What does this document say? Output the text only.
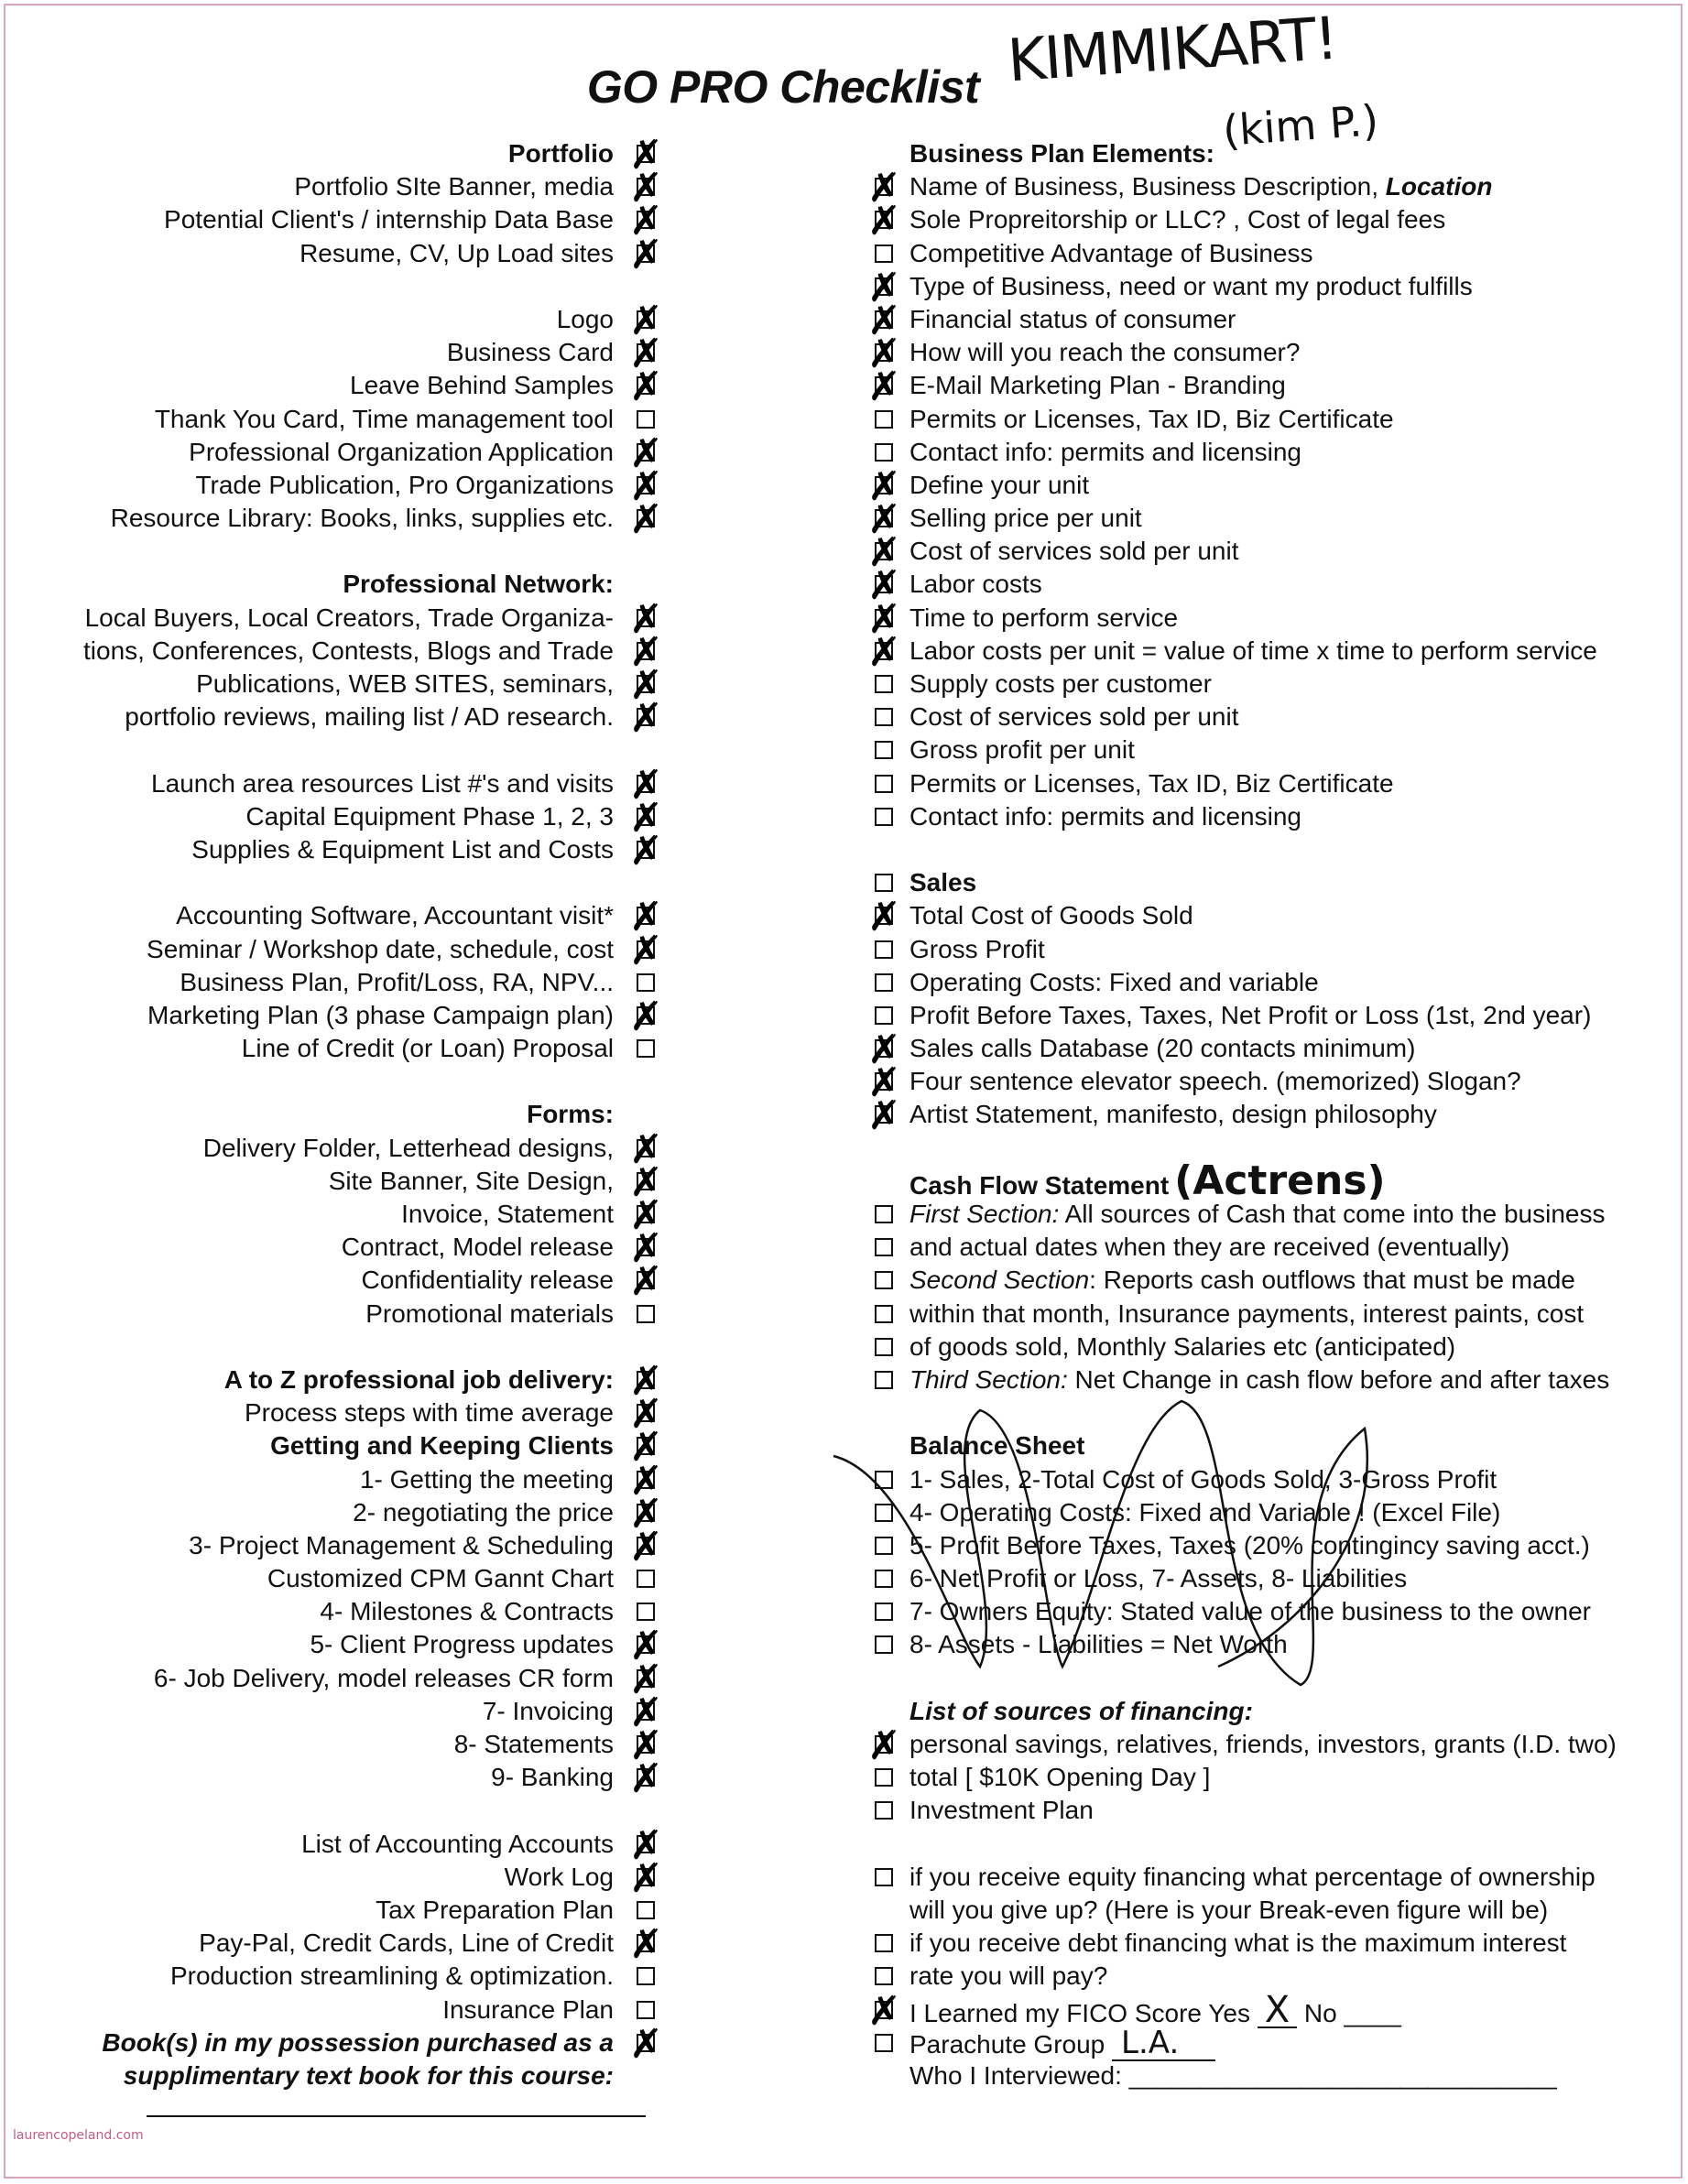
GO PRO Checklist KIMMIKART!
(kim P.)
Portfolio ✗
Portfolio SIte Banner, media ✗
Potential Client's / internship Data Base ✗
Resume, CV, Up Load sites ✗
Logo ✗
Business Card ✗
Leave Behind Samples ✗
Thank You Card, Time management tool
Professional Organization Application ✗
Trade Publication, Pro Organizations ✗
Resource Library: Books, links, supplies etc. ✗
Professional Network:
Local Buyers, Local Creators, Trade Organiza- ✗
tions, Conferences, Contests, Blogs and Trade ✗
Publications, WEB SITES, seminars, ✗
portfolio reviews, mailing list / AD research. ✗
Launch area resources List #'s and visits ✗
Capital Equipment Phase 1, 2, 3 ✗
Supplies & Equipment List and Costs ✗
Accounting Software, Accountant visit* ✗
Seminar / Workshop date, schedule, cost ✗
Business Plan, Profit/Loss, RA, NPV...
Marketing Plan (3 phase Campaign plan) ✗
Line of Credit (or Loan) Proposal
Forms:
Delivery Folder, Letterhead designs, ✗
Site Banner, Site Design, ✗
Invoice, Statement ✗
Contract, Model release ✗
Confidentiality release ✗
Promotional materials
A to Z professional job delivery: ✗
Process steps with time average ✗
Getting and Keeping Clients ✗
1- Getting the meeting ✗
2- negotiating the price ✗
3- Project Management & Scheduling ✗
Customized CPM Gannt Chart
4- Milestones & Contracts
5- Client Progress updates ✗
6- Job Delivery, model releases CR form ✗
7- Invoicing ✗
8- Statements ✗
9- Banking ✗
List of Accounting Accounts ✗
Work Log ✗
Tax Preparation Plan
Pay-Pal, Credit Cards, Line of Credit ✗
Production streamlining & optimization.
Insurance Plan
Book(s) in my possession purchased as a ✗
supplimentary text book for this course:
Business Plan Elements:
Name of Business, Business Description, Location
✗
Sole Propreitorship or LLC? , Cost of legal fees
✗
Competitive Advantage of Business
Type of Business, need or want my product fulfills
✗
Financial status of consumer
✗
How will you reach the consumer?
✗
E-Mail Marketing Plan - Branding
✗
Permits or Licenses, Tax ID, Biz Certificate
Contact info: permits and licensing
Define your unit
✗
Selling price per unit
✗
Cost of services sold per unit
✗
Labor costs
✗
Time to perform service
✗
Labor costs per unit = value of time x time to perform service
✗
Supply costs per customer
Cost of services sold per unit
Gross profit per unit
Permits or Licenses, Tax ID, Biz Certificate
Contact info: permits and licensing
Sales
Total Cost of Goods Sold
✗
Gross Profit
Operating Costs: Fixed and variable
Profit Before Taxes, Taxes, Net Profit or Loss (1st, 2nd year)
Sales calls Database (20 contacts minimum)
✗
Four sentence elevator speech. (memorized) Slogan?
✗
Artist Statement, manifesto, design philosophy
✗
Cash Flow Statement (Actrens)
First Section: All sources of Cash that come into the business
and actual dates when they are received (eventually)
Second Section: Reports cash outflows that must be made
within that month, Insurance payments, interest paints, cost
of goods sold, Monthly Salaries etc (anticipated)
Third Section: Net Change in cash flow before and after taxes
Balance Sheet
1- Sales, 2-Total Cost of Goods Sold, 3-Gross Profit
4- Operating Costs: Fixed and Variable ! (Excel File)
5- Profit Before Taxes, Taxes (20% contingincy saving acct.)
6- Net Profit or Loss, 7- Assets, 8- Liabilities
7- Owners Equity: Stated value of the business to the owner
8- Assets - Liabilities = Net Worth
List of sources of financing:
personal savings, relatives, friends, investors, grants (I.D. two)
✗
total [ $10K Opening Day ]
Investment Plan
if you receive equity financing what percentage of ownership
will you give up? (Here is your Break-even figure will be)
if you receive debt financing what is the maximum interest
rate you will pay?
I Learned my FICO Score Yes X No ____
✗
Parachute Group L.A.
Who I Interviewed: ______________________________
laurencopeland.com
